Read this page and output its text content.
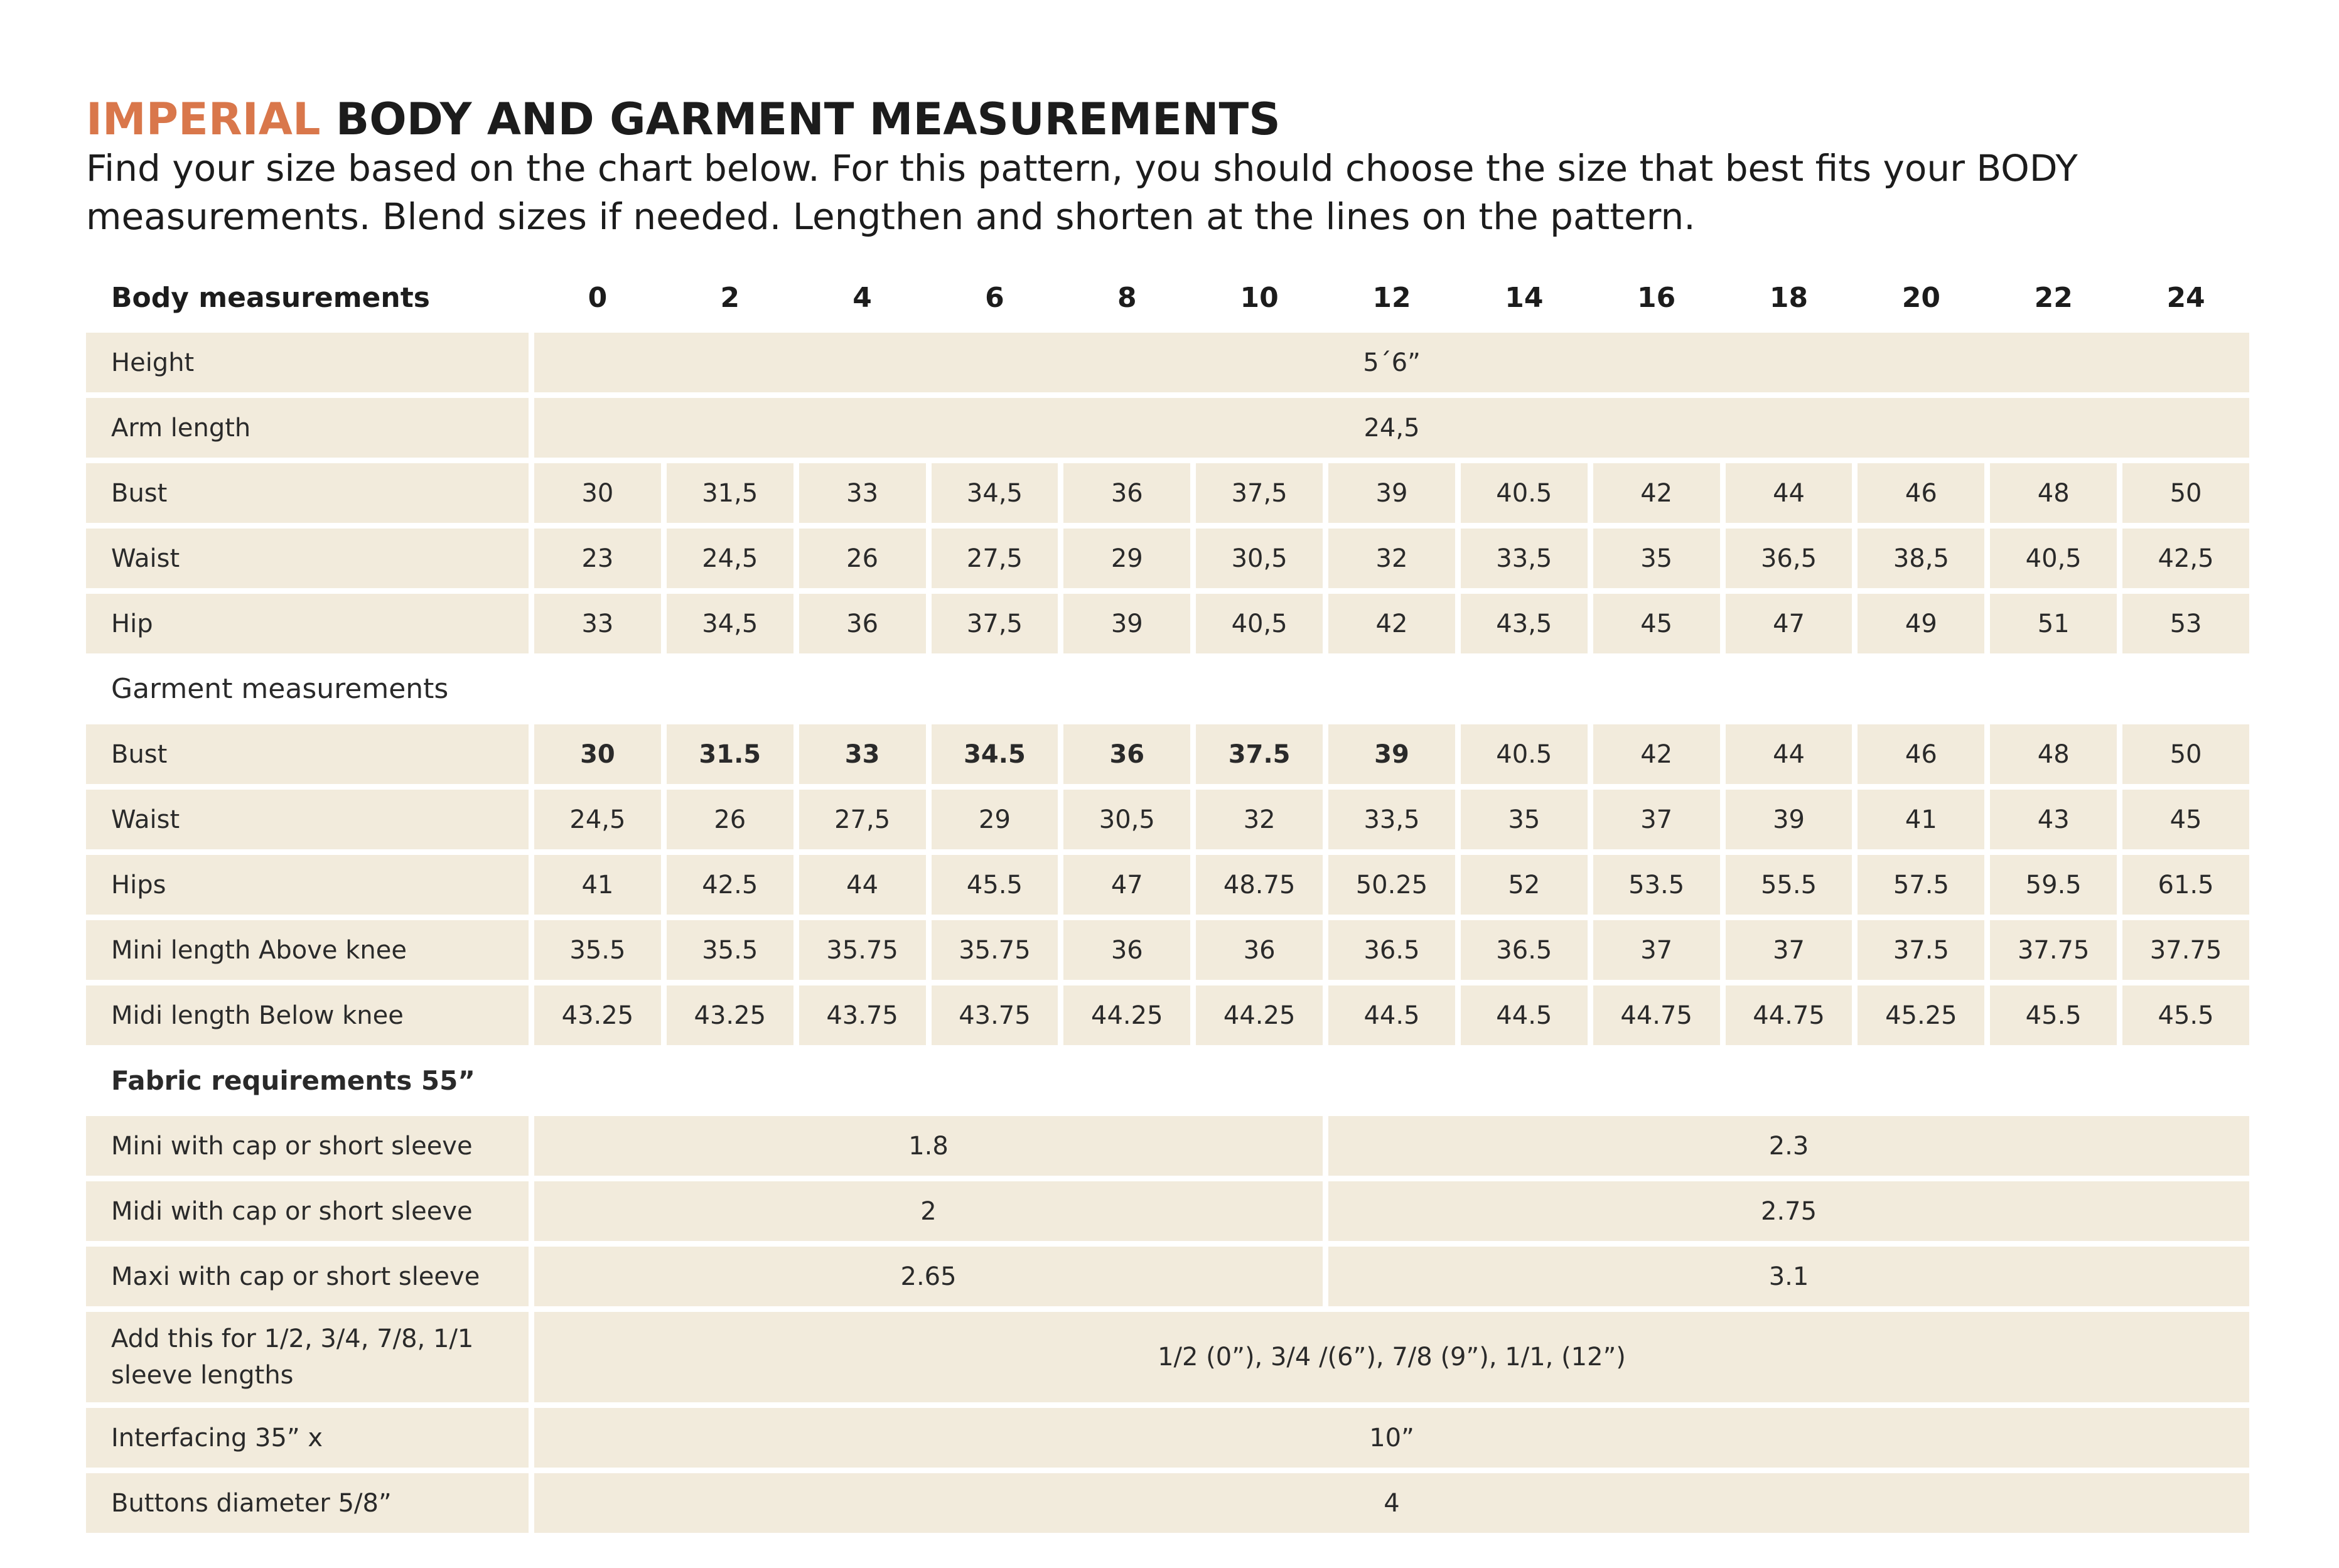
IMPERIAL BODY AND GARMENT MEASUREMENTS

Find your size based on the chart below. For this pattern, you should choose the size that best fits your BODY measurements. Blend sizes if needed. Lengthen and shorten at the lines on the pattern.

Body measurements	0	2	4	6	8	10	12	14	16	18	20	22	24
Height	5´6”												
Arm length	24,5												
Bust	30	31,5	33	34,5	36	37,5	39	40.5	42	44	46	48	50
Waist	23	24,5	26	27,5	29	30,5	32	33,5	35	36,5	38,5	40,5	42,5
Hip	33	34,5	36	37,5	39	40,5	42	43,5	45	47	49	51	53
Garment measurements													
Bust	30	31.5	33	34.5	36	37.5	39	40.5	42	44	46	48	50
Waist	24,5	26	27,5	29	30,5	32	33,5	35	37	39	41	43	45
Hips	41	42.5	44	45.5	47	48.75	50.25	52	53.5	55.5	57.5	59.5	61.5
Mini length Above knee	35.5	35.5	35.75	35.75	36	36	36.5	36.5	37	37	37.5	37.75	37.75
Midi length Below knee	43.25	43.25	43.75	43.75	44.25	44.25	44.5	44.5	44.75	44.75	45.25	45.5	45.5
Fabric requirements 55”													
Mini with cap or short sleeve	1.8						2.3						
Midi with cap or short sleeve	2						2.75						
Maxi with cap or short sleeve	2.65						3.1						
Add this for 1/2, 3/4, 7/8, 1/1 sleeve lengths	1/2 (0”), 3/4 /(6”), 7/8 (9”), 1/1, (12”)												
Interfacing 35” x	10”												
Buttons diameter 5/8”	4												
